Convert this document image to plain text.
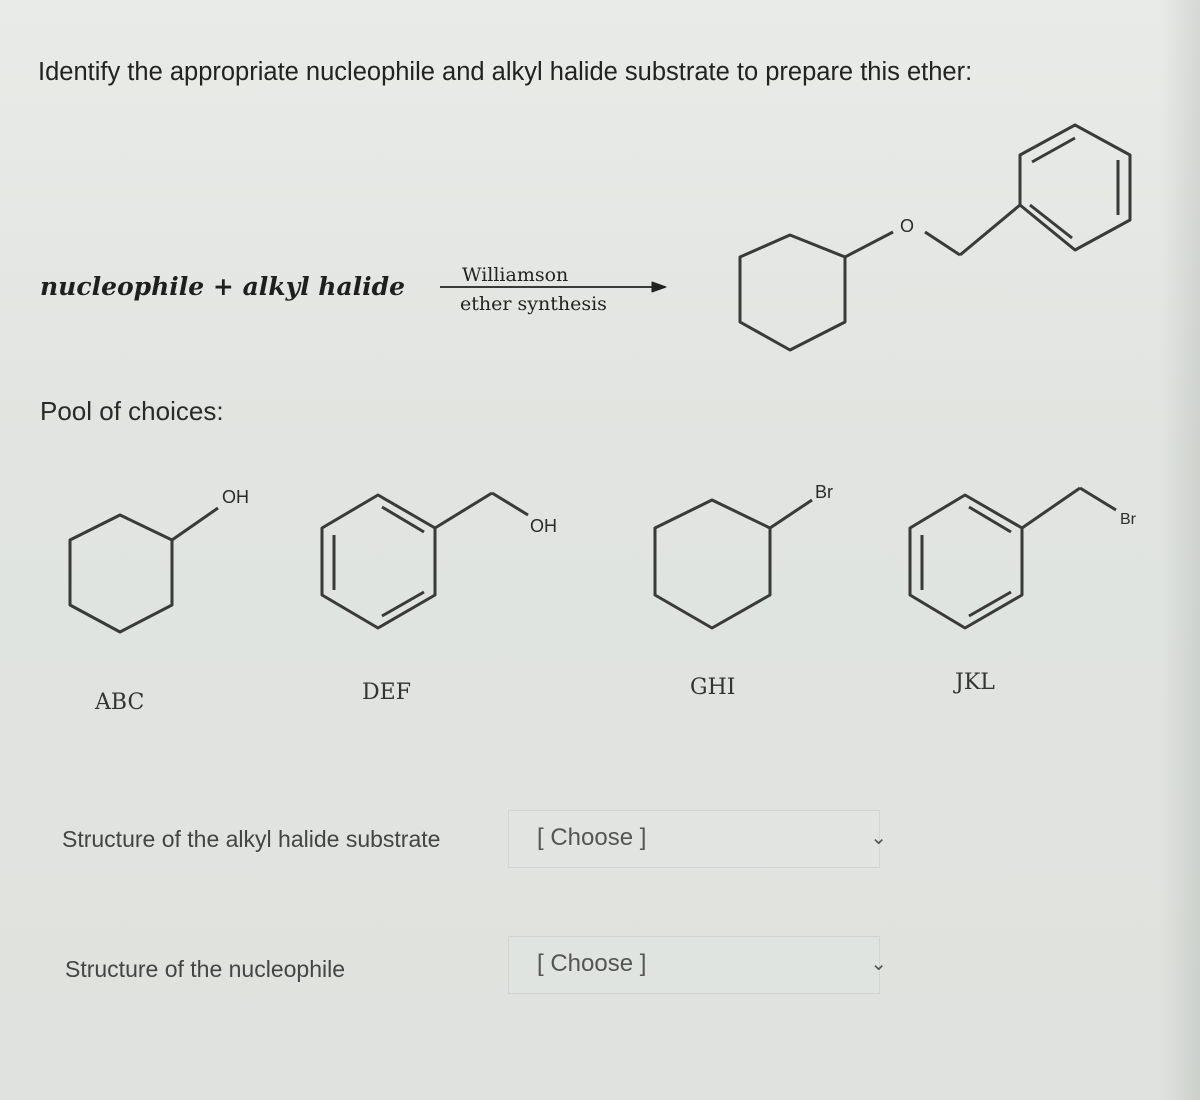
Identify the appropriate nucleophile and alkyl halide substrate to prepare this ether:
nucleophile + alkyl halide	Williamson
ether synthesis
O
Pool of choices:
OH
ABC
OH
DEF
Br
GHI
Br
JKL
Structure of the alkyl halide substrate	[ Choose ]	⌄
Structure of the nucleophile	[ Choose ]	⌄
